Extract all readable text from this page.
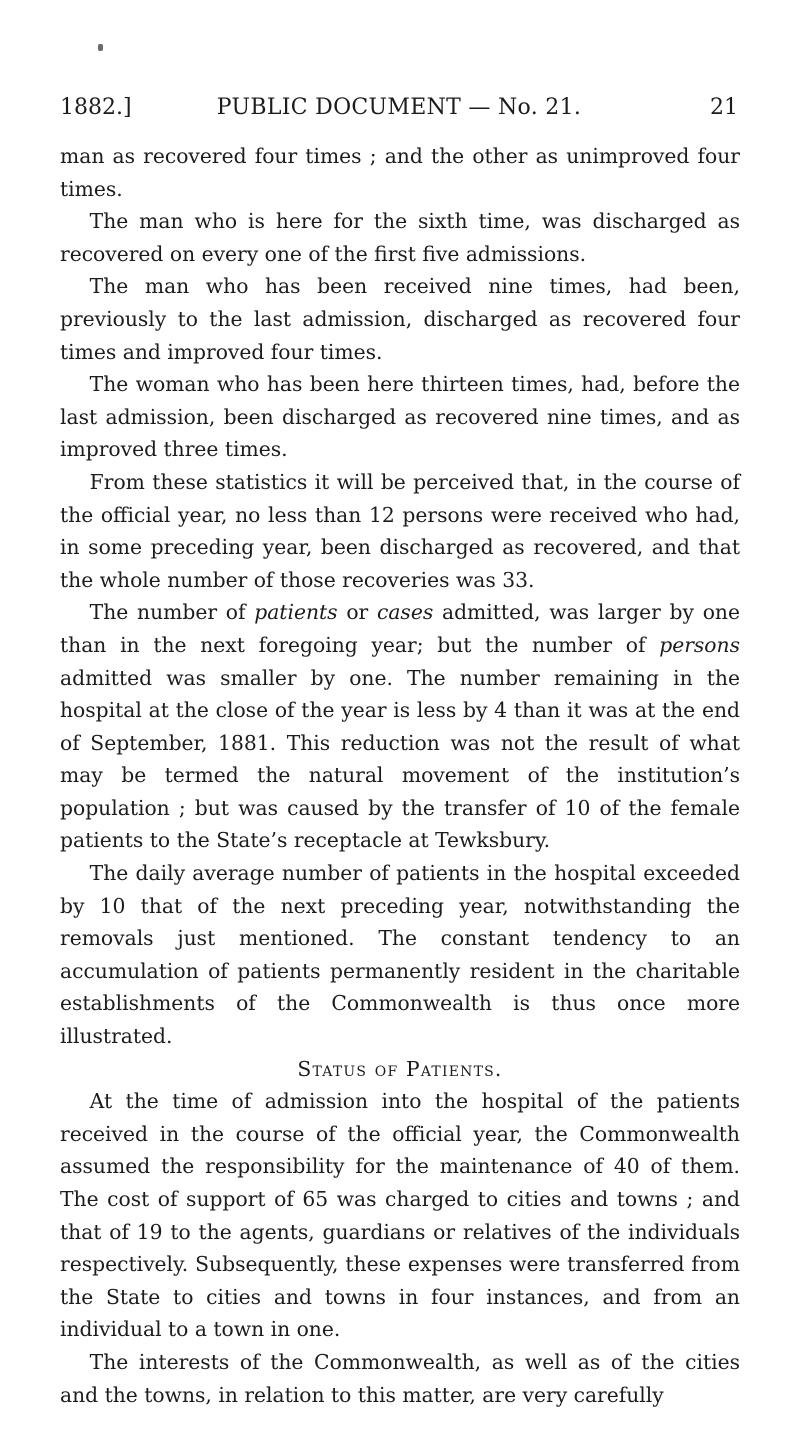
1882.]	PUBLIC DOCUMENT — No. 21.	21

man as recovered four times ; and the other as unimproved four times.

The man who is here for the sixth time, was discharged as recovered on every one of the first five admissions.

The man who has been received nine times, had been, previously to the last admission, discharged as recovered four times and improved four times.

The woman who has been here thirteen times, had, before the last admission, been discharged as recovered nine times, and as improved three times.

From these statistics it will be perceived that, in the course of the official year, no less than 12 persons were received who had, in some preceding year, been discharged as recovered, and that the whole number of those recoveries was 33.

The number of patients or cases admitted, was larger by one than in the next foregoing year; but the number of persons admitted was smaller by one. The number remaining in the hospital at the close of the year is less by 4 than it was at the end of September, 1881. This reduction was not the result of what may be termed the natural movement of the institution’s population ; but was caused by the transfer of 10 of the female patients to the State’s receptacle at Tewksbury.

The daily average number of patients in the hospital exceeded by 10 that of the next preceding year, notwithstanding the removals just mentioned. The constant tendency to an accumulation of patients permanently resident in the charitable establishments of the Commonwealth is thus once more illustrated.

Status of Patients.

At the time of admission into the hospital of the patients received in the course of the official year, the Commonwealth assumed the responsibility for the maintenance of 40 of them. The cost of support of 65 was charged to cities and towns ; and that of 19 to the agents, guardians or relatives of the individuals respectively. Subsequently, these expenses were transferred from the State to cities and towns in four instances, and from an individual to a town in one.

The interests of the Commonwealth, as well as of the cities and the towns, in relation to this matter, are very carefully
